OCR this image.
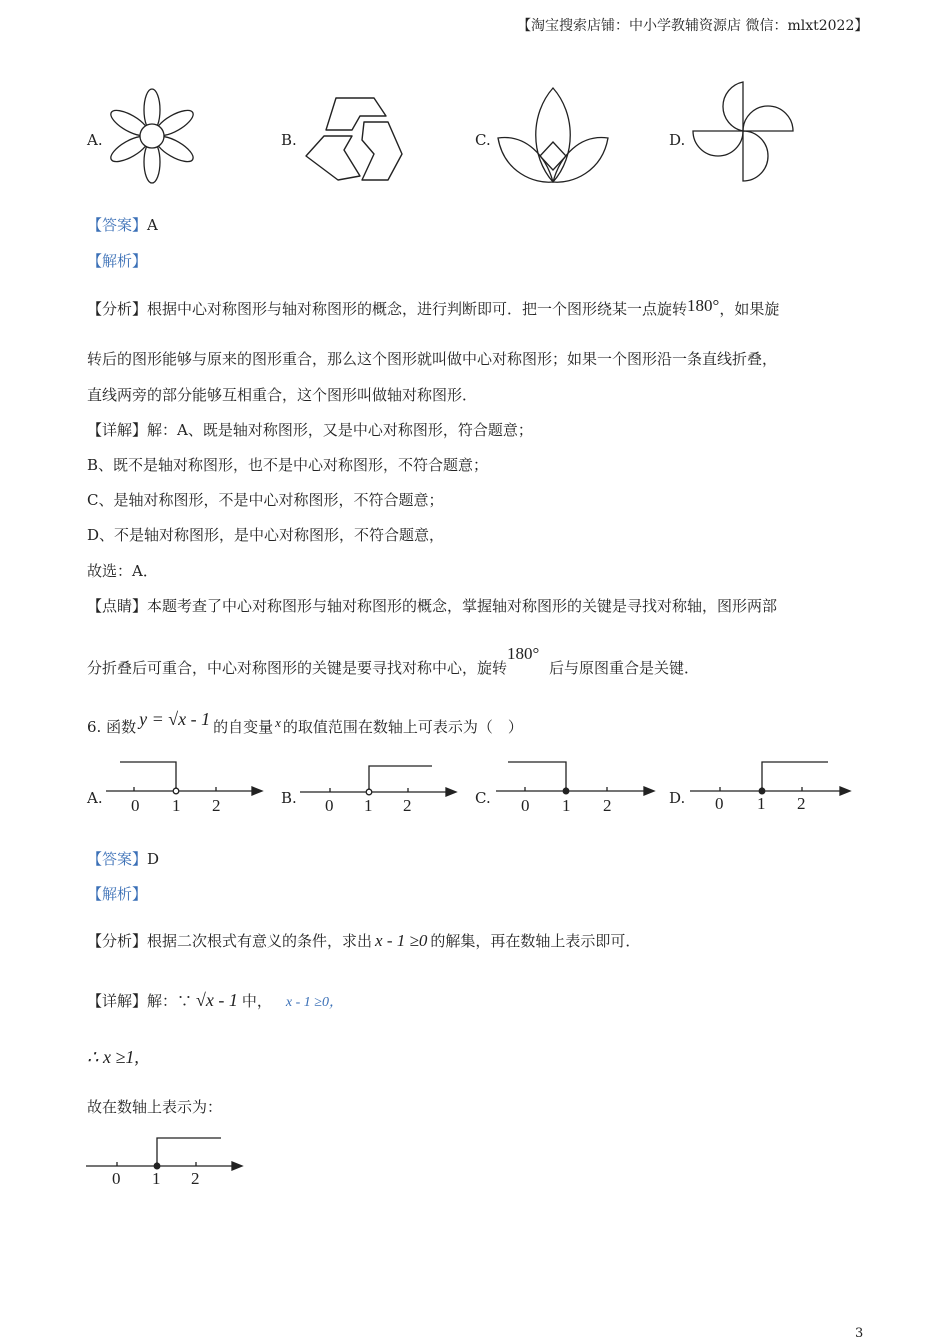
【淘宝搜索店铺：中小学教辅资源店 微信：mlxt2022】
A.	B.	C.	D.
【答案】A
【解析】
【分析】根据中心对称图形与轴对称图形的概念，进行判断即可．把一个图形绕某一点旋转180°，如果旋
转后的图形能够与原来的图形重合，那么这个图形就叫做中心对称图形；如果一个图形沿一条直线折叠，
直线两旁的部分能够互相重合，这个图形叫做轴对称图形．
【详解】解：A、既是轴对称图形，又是中心对称图形，符合题意；
B、既不是轴对称图形，也不是中心对称图形，不符合题意；
C、是轴对称图形，不是中心对称图形，不符合题意；
D、不是轴对称图形，是中心对称图形，不符合题意，
故选：A．
【点睛】本题考查了中心对称图形与轴对称图形的概念，掌握轴对称图形的关键是寻找对称轴，图形两部
分折叠后可重合，中心对称图形的关键是要寻找对称中心，旋转180°后与原图重合是关键．
6. 函数 y = √x - 1 的自变量 x 的取值范围在数轴上可表示为（　）
A. 0 1 2	B. 0 1 2	C. 0 1 2	D. 0 1 2
【答案】D
【解析】
【分析】根据二次根式有意义的条件，求出 x - 1 ≥0 的解集，再在数轴上表示即可．
【详解】解：∵ √x - 1 中， x - 1 ≥0，
∴ x ≥1,
故在数轴上表示为：
0 1 2
3
